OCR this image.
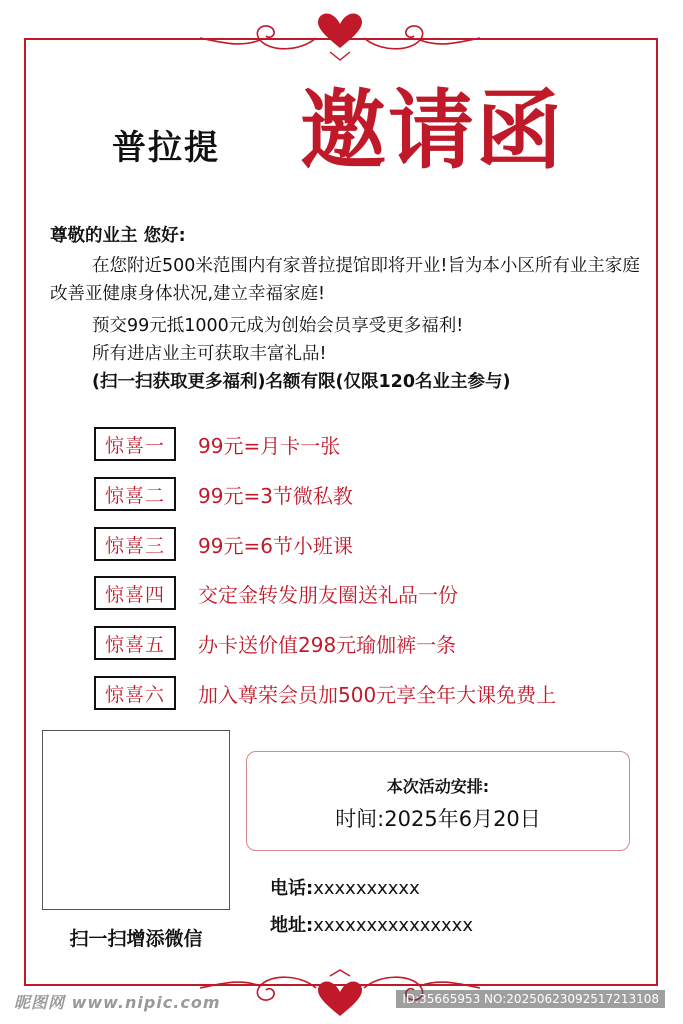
普拉提 邀请函
尊敬的业主 您好:
在您附近500米范围内有家普拉提馆即将开业!旨为本小区所有业主家庭改善亚健康身体状况,建立幸福家庭!
预交99元抵1000元成为创始会员享受更多福利!
所有进店业主可获取丰富礼品!
(扫一扫获取更多福利)名额有限(仅限120名业主参与)
惊喜一	99元=月卡一张
惊喜二	99元=3节微私教
惊喜三	99元=6节小班课
惊喜四	交定金转发朋友圈送礼品一份
惊喜五	办卡送价值298元瑜伽裤一条
惊喜六	加入尊荣会员加500元享全年大课免费上
扫一扫增添微信
本次活动安排:
时间:2025年6月20日
电话:xxxxxxxxxx
地址:xxxxxxxxxxxxxxx
昵图网 www.nipic.com	ID:35665953 NO:20250623092517213108
